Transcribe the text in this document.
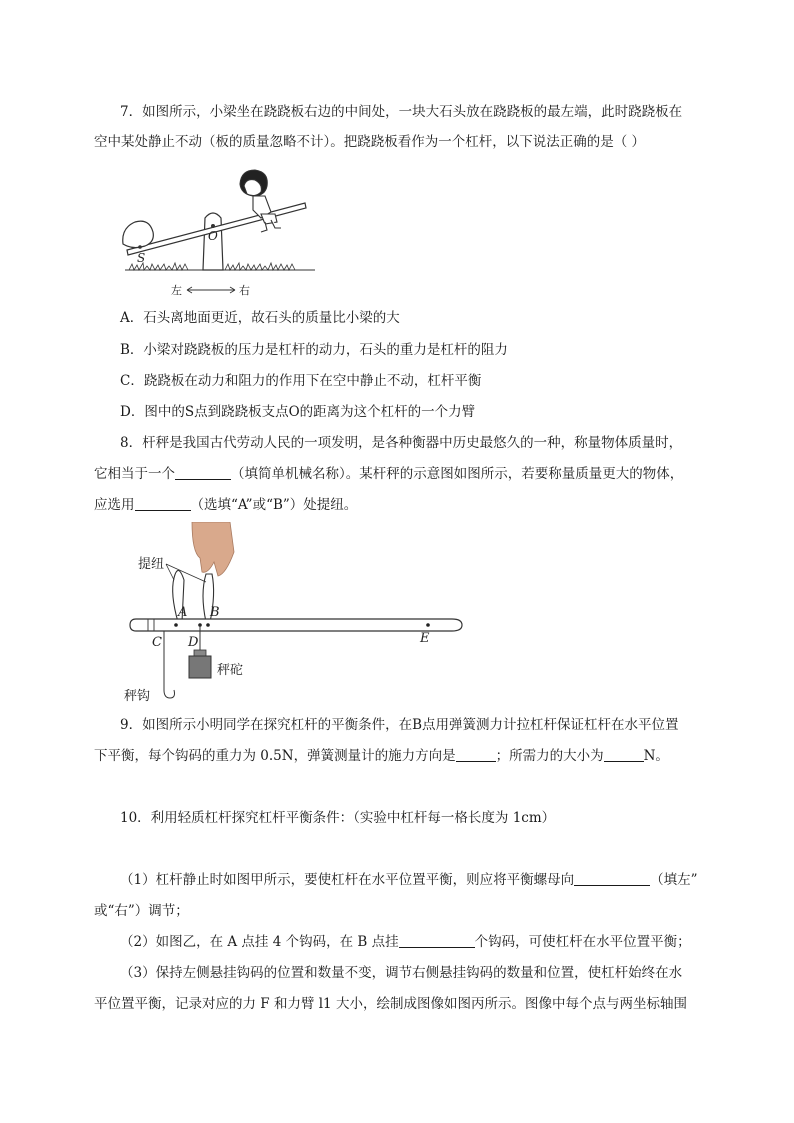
7．如图所示，小梁坐在跷跷板右边的中间处，一块大石头放在跷跷板的最左端，此时跷跷板在
空中某处静止不动（板的质量忽略不计）。把跷跷板看作为一个杠杆，以下说法正确的是（ ）
S
O
左	右
A．石头离地面更近，故石头的质量比小梁的大
B．小梁对跷跷板的压力是杠杆的动力，石头的重力是杠杆的阻力
C．跷跷板在动力和阻力的作用下在空中静止不动，杠杆平衡
D．图中的S点到跷跷板支点O的距离为这个杠杆的一个力臂
8．杆秤是我国古代劳动人民的一项发明，是各种衡器中历史最悠久的一种，称量物体质量时，
它相当于一个	（填简单机械名称）。某杆秤的示意图如图所示，若要称量质量更大的物体，
应选用	（选填“A”或“B”）处提纽。
提纽
A B
C D	E
秤砣
秤钩
9．如图所示小明同学在探究杠杆的平衡条件，在B点用弹簧测力计拉杠杆保证杠杆在水平位置
下平衡，每个钩码的重力为 0.5N，弹簧测量计的施力方向是	；所需力的大小为	N。
10．利用轻质杠杆探究杠杆平衡条件：（实验中杠杆每一格长度为 1cm）
（1）杠杆静止时如图甲所示，要使杠杆在水平位置平衡，则应将平衡螺母向	（填左”
或“右”）调节；
（2）如图乙，在 A 点挂 4 个钩码，在 B 点挂	个钩码，可使杠杆在水平位置平衡；
（3）保持左侧悬挂钩码的位置和数量不变，调节右侧悬挂钩码的数量和位置，使杠杆始终在水
平位置平衡，记录对应的力 F 和力臂 l1 大小，绘制成图像如图丙所示。图像中每个点与两坐标轴围
